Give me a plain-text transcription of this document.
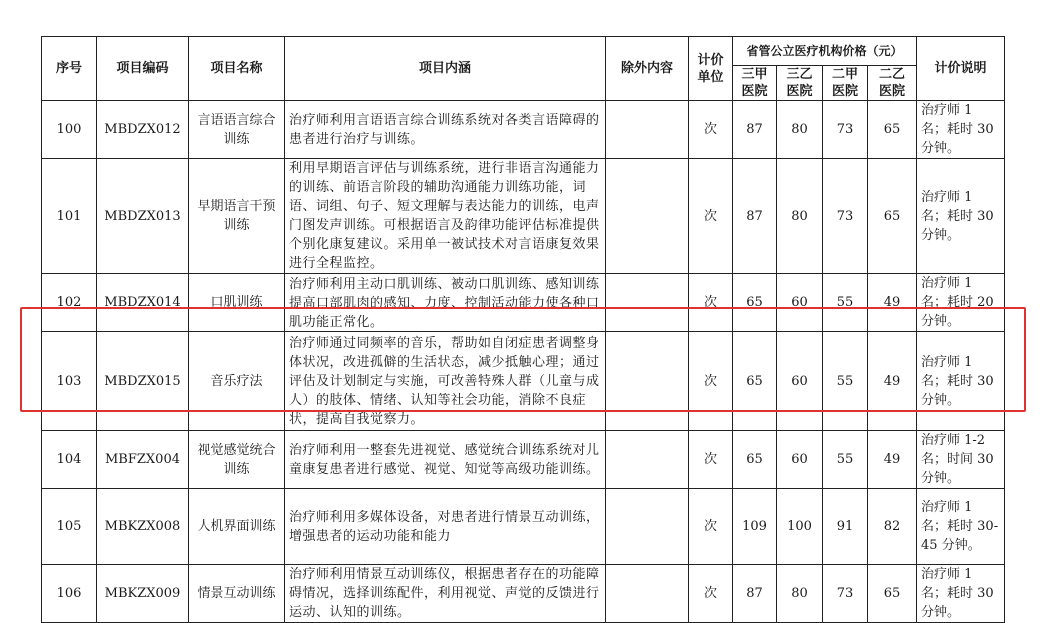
序号	项目编码	项目名称	项目内涵	除外内容	计价单位	省管公立医疗机构价格（元）				计价说明

						三甲医院	三乙医院	二甲医院	二乙医院	

100	MBDZX012	言语语言综合训练	治疗师利用言语语言综合训练系统对各类言语障碍的患者进行治疗与训练。		次	87	80	73	65	治疗师 1 名；耗时 30 分钟。
101	MBDZX013	早期语言干预训练	利用早期语言评估与训练系统，进行非语言沟通能力的训练、前语言阶段的辅助沟通能力训练功能，词语、词组、句子、短文理解与表达能力的训练，电声门图发声训练。可根据语言及韵律功能评估标准提供个别化康复建议。采用单一被试技术对言语康复效果进行全程监控。		次	87	80	73	65	治疗师 1 名；耗时 30 分钟。
102	MBDZX014	口肌训练	治疗师利用主动口肌训练、被动口肌训练、感知训练提高口部肌肉的感知、力度、控制活动能力使各种口肌功能正常化。		次	65	60	55	49	治疗师 1 名；耗时 20 分钟。
103	MBDZX015	音乐疗法	治疗师通过同频率的音乐，帮助如自闭症患者调整身体状况，改进孤僻的生活状态，减少抵触心理；通过评估及计划制定与实施，可改善特殊人群（儿童与成人）的肢体、情绪、认知等社会功能，消除不良症状，提高自我觉察力。		次	65	60	55	49	治疗师 1 名；耗时 30 分钟。
104	MBFZX004	视觉感觉统合训练	治疗师利用一整套先进视觉、感觉统合训练系统对儿童康复患者进行感觉、视觉、知觉等高级功能训练。		次	65	60	55	49	治疗师 1-2 名；时间 30 分钟。

105	MBKZX008	人机界面训练	治疗师利用多媒体设备，对患者进行情景互动训练，增强患者的运动功能和能力		次	109	100	91	82	治疗师 1 名；耗时 30-45 分钟。
106	MBKZX009	情景互动训练	治疗师利用情景互动训练仪，根据患者存在的功能障碍情况，选择训练配件，利用视觉、声觉的反馈进行运动、认知的训练。		次	87	80	73	65	治疗师 1 名；耗时 30 分钟。
